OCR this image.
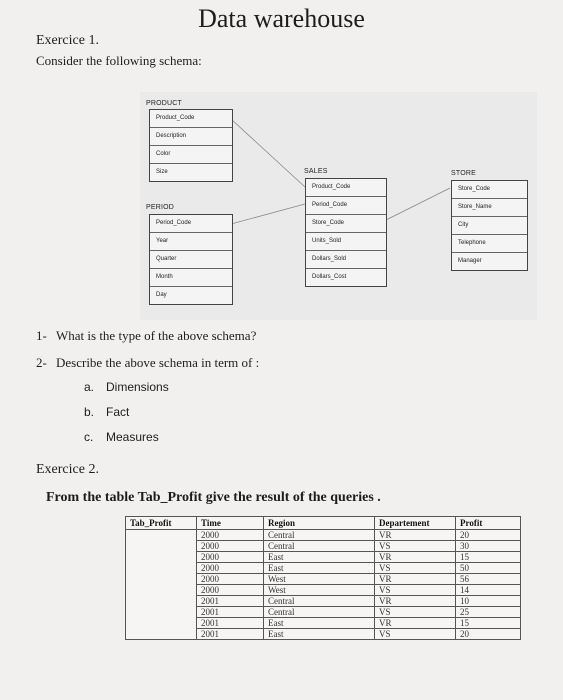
Data warehouse
Exercice 1.
Consider the following schema:
PRODUCT
Product_Code
Description
Color
Size
PERIOD
Period_Code
Year
Quarter
Month
Day
SALES
Product_Code
Period_Code
Store_Code
Units_Sold
Dollars_Sold
Dollars_Cost
STORE
Store_Code
Store_Name
City
Telephone
Manager
1- What is the type of the above schema?
2- Describe the above schema in term of :
a. Dimensions
b. Fact
c. Measures
Exercice 2.
From the table Tab_Profit give the result of the queries .
Tab_Profit	Time	Region	Departement	Profit
	2000	Central	VR	20
	2000	Central	VS	30
	2000	East	VR	15
	2000	East	VS	50
	2000	West	VR	56
	2000	West	VS	14
	2001	Central	VR	10
	2001	Central	VS	25
	2001	East	VR	15
	2001	East	VS	20
